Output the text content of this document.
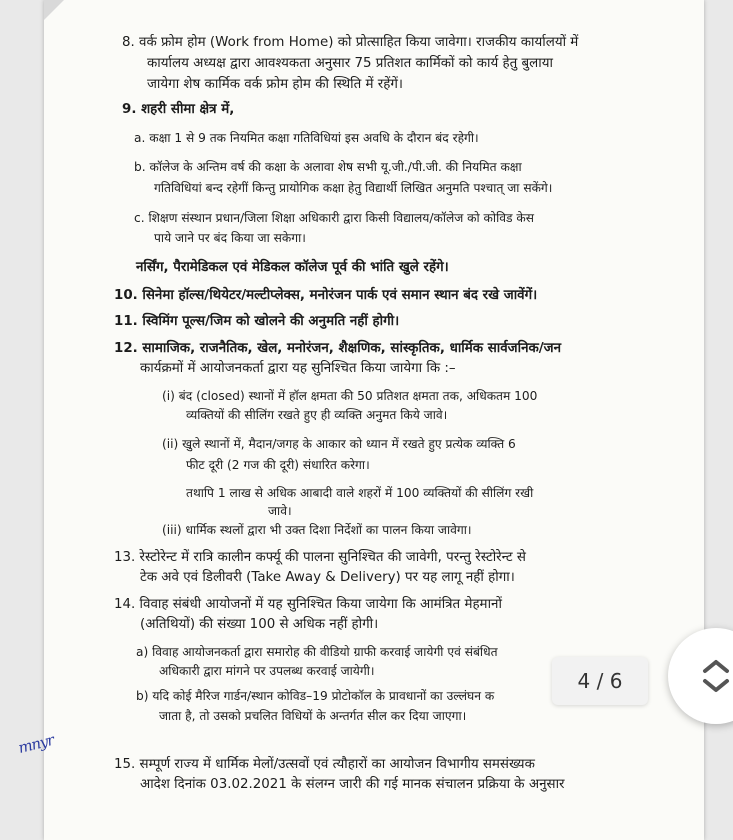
8. वर्क फ्रोम होम (Work from Home) को प्रोत्साहित किया जावेगा। राजकीय कार्यालयों में
कार्यालय अध्यक्ष द्वारा आवश्यकता अनुसार 75 प्रतिशत कार्मिकों को कार्य हेतु बुलाया
जायेगा शेष कार्मिक वर्क फ्रोम होम की स्थिति में रहेंगें।
9. शहरी सीमा क्षेत्र में,
a. कक्षा 1 से 9 तक नियमित कक्षा गतिविधियां इस अवधि के दौरान बंद रहेगी।
b. कॉलेज के अन्तिम वर्ष की कक्षा के अलावा शेष सभी यू.जी./पी.जी. की नियमित कक्षा
गतिविधियां बन्द रहेगीं किन्तु प्रायोगिक कक्षा हेतु विद्यार्थी लिखित अनुमति पश्चात् जा सकेंगे।
c. शिक्षण संस्थान प्रधान/जिला शिक्षा अधिकारी द्वारा किसी विद्यालय/कॉलेज को कोविड केस
पाये जाने पर बंद किया जा सकेगा।
नर्सिंग, पैरामेडिकल एवं मेडिकल कॉलेज पूर्व की भांति खुले रहेंगे।
10. सिनेमा हॉल्स/थियेटर/मल्टीप्लेक्स, मनोरंजन पार्क एवं समान स्थान बंद रखे जावेंगें।
11. स्विमिंग पूल्स/जिम को खोलने की अनुमति नहीं होगी।
12. सामाजिक, राजनैतिक, खेल, मनोरंजन, शैक्षणिक, सांस्कृतिक, धार्मिक सार्वजनिक/जन
कार्यक्रमों में आयोजनकर्ता द्वारा यह सुनिश्चित किया जायेगा कि :–
(i) बंद (closed) स्थानों में हॉल क्षमता की 50 प्रतिशत क्षमता तक, अधिकतम 100
व्यक्तियों की सीलिंग रखते हुए ही व्यक्ति अनुमत किये जावे।
(ii) खुले स्थानों में, मैदान/जगह के आकार को ध्यान में रखते हुए प्रत्येक व्यक्ति 6
फीट दूरी (2 गज की दूरी) संधारित करेगा।
तथापि 1 लाख से अधिक आबादी वाले शहरों में 100 व्यक्तियों की सीलिंग रखी
जावे।
(iii) धार्मिक स्थलों द्वारा भी उक्त दिशा निर्देशों का पालन किया जावेगा।
13. रेस्टोरेन्ट में रात्रि कालीन कर्फ्यू की पालना सुनिश्चित की जावेगी, परन्तु रेस्टोरेन्ट से
टेक अवे एवं डिलीवरी (Take Away & Delivery) पर यह लागू नहीं होगा।
14. विवाह संबंधी आयोजनों में यह सुनिश्चित किया जायेगा कि आमंत्रित मेहमानों
(अतिथियों) की संख्या 100 से अधिक नहीं होगी।
a) विवाह आयोजनकर्ता द्वारा समारोह की वीडियो ग्राफी करवाई जायेगी एवं संबंधित
अधिकारी द्वारा मांगने पर उपलब्ध करवाई जायेगी।
b) यदि कोई मैरिज गार्डन/स्थान कोविड–19 प्रोटोकॉल के प्रावधानों का उल्लंघन क
जाता है, तो उसको प्रचलित विधियों के अन्तर्गत सील कर दिया जाएगा।
15. सम्पूर्ण राज्य में धार्मिक मेलों/उत्सवों एवं त्यौहारों का आयोजन विभागीय समसंख्यक
आदेश दिनांक 03.02.2021 के संलग्न जारी की गई मानक संचालन प्रक्रिया के अनुसार
mnyr
4 / 6
